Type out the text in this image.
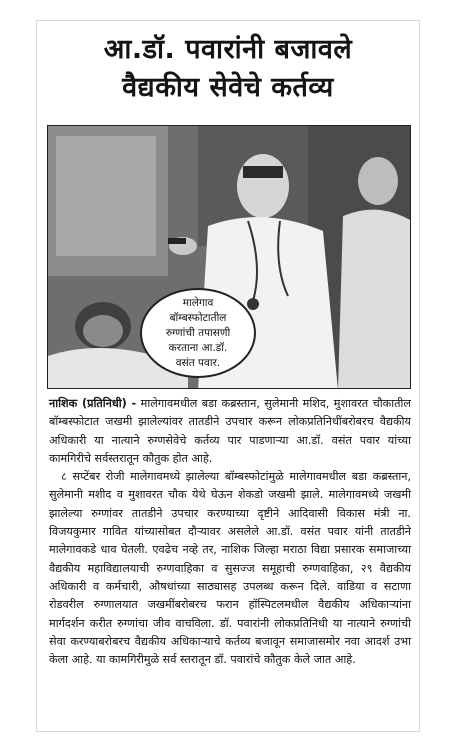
आ.डॉ. पवारांनी बजावले
वैद्यकीय सेवेचे कर्तव्य
मालेगाव
बॉम्बस्फोटातील
रुग्णांची तपासणी
करताना आ.डॉ.
वसंत पवार.

नाशिक (प्रतिनिधी) - मालेगावमधील बडा कब्रस्तान, सुलेमानी मशिद, मुशावरत चौकातील बॉम्बस्फोटात जखमी झालेल्यांवर तातडीने उपचार करून लोकप्रतिनिधींबरोबरच वैद्यकीय अधिकारी या नात्याने रुग्णसेवेचे कर्तव्य पार पाडणाऱ्या आ.डॉ. वसंत पवार यांच्या कामगिरीचे सर्वस्तरातून कौतुक होत आहे.

८ सप्टेंबर रोजी मालेगावमध्ये झालेल्या बॉम्बस्फोटांमुळे मालेगावमधील बडा कब्रस्तान, सुलेमानी मशीद व मुशावरत चौक येथे घेऊन शेकडो जखमी झाले. मालेगावमध्ये जखमी झालेल्या रुग्णांवर तातडीने उपचार करण्याच्या दृष्टीने आदिवासी विकास मंत्री ना. विजयकुमार गावित यांच्यासोबत दौऱ्यावर असलेले आ.डॉ. वसंत पवार यांनी तातडीने मालेगावकडे धाव घेतली. एवढेच नव्हे तर, नाशिक जिल्हा मराठा विद्या प्रसारक समाजाच्या वैद्यकीय महाविद्यालयाची रुग्णवाहिका व सुसज्ज समूहाची रुग्णवाहिका, २९ वैद्यकीय अधिकारी व कर्मचारी, औषधांच्या साठ्यासह उपलब्ध करून दिले. वाडिया व सटाणा रोडवरील रुग्णालयात जखमींबरोबरच फरान हॉस्पिटलमधील वैद्यकीय अधिकाऱ्यांना मार्गदर्शन करीत रुग्णांचा जीव वाचविला. डॉ. पवारांनी लोकप्रतिनिधी या नात्याने रुग्णांची सेवा करण्याबरोबरच वैद्यकीय अधिकाऱ्याचे कर्तव्य बजावून समाजासमोर नवा आदर्श उभा केला आहे. या कामगिरीमुळे सर्व स्तरातून डॉ. पवारांचे कौतुक केले जात आहे.
